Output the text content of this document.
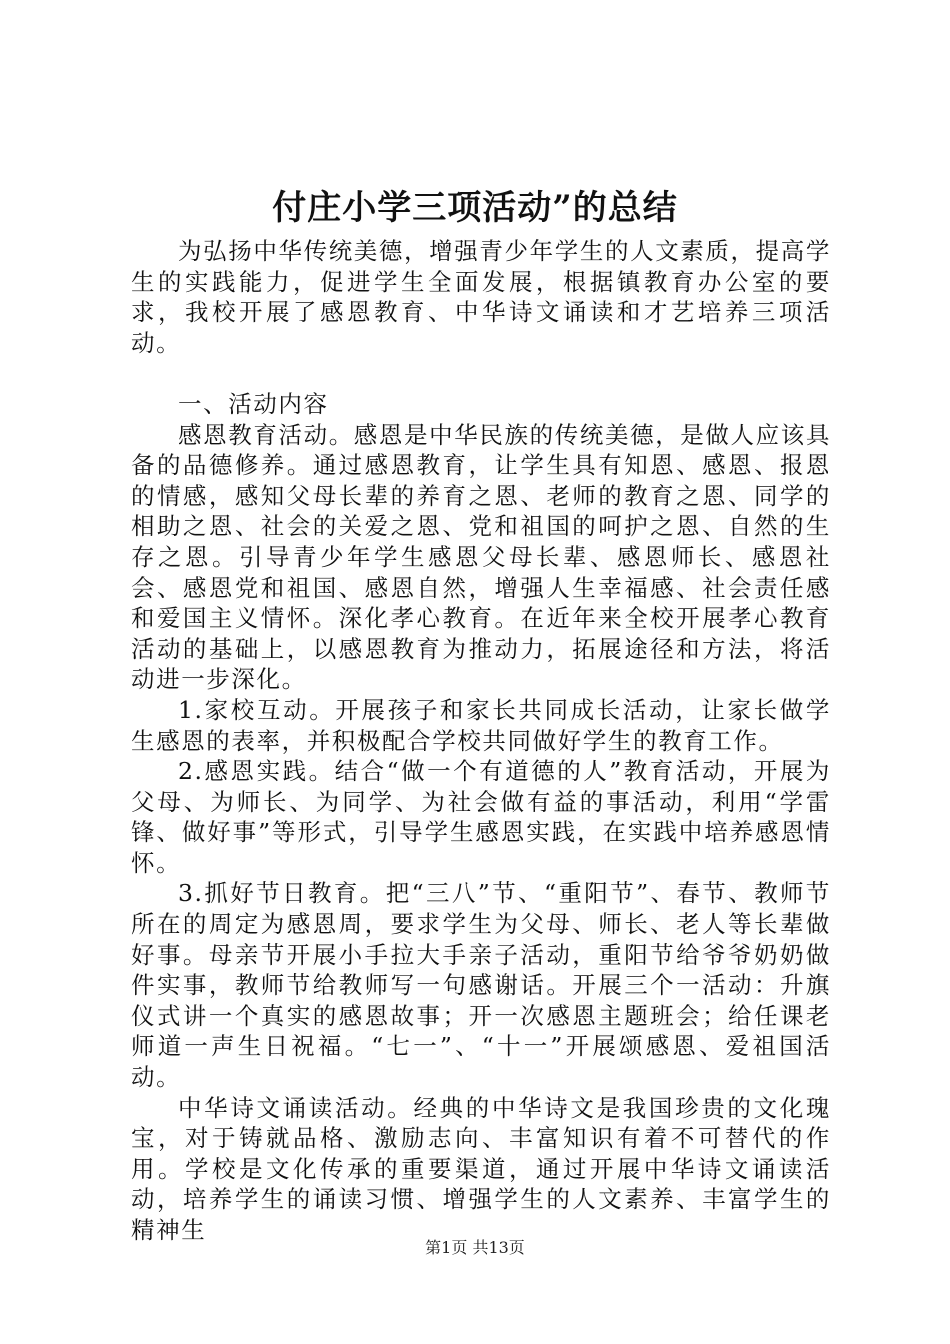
付庄小学三项活动”的总结

为弘扬中华传统美德，增强青少年学生的人文素质，提高学生的实践能力，促进学生全面发展，根据镇教育办公室的要求，我校开展了感恩教育、中华诗文诵读和才艺培养三项活动。

一、活动内容

感恩教育活动。感恩是中华民族的传统美德，是做人应该具备的品德修养。通过感恩教育，让学生具有知恩、感恩、报恩的情感，感知父母长辈的养育之恩、老师的教育之恩、同学的相助之恩、社会的关爱之恩、党和祖国的呵护之恩、自然的生存之恩。引导青少年学生感恩父母长辈、感恩师长、感恩社会、感恩党和祖国、感恩自然，增强人生幸福感、社会责任感和爱国主义情怀。深化孝心教育。在近年来全校开展孝心教育活动的基础上，以感恩教育为推动力，拓展途径和方法，将活动进一步深化。

1.家校互动。开展孩子和家长共同成长活动，让家长做学生感恩的表率，并积极配合学校共同做好学生的教育工作。

2.感恩实践。结合“做一个有道德的人”教育活动，开展为父母、为师长、为同学、为社会做有益的事活动，利用“学雷锋、做好事”等形式，引导学生感恩实践，在实践中培养感恩情怀。

3.抓好节日教育。把“三八”节、“重阳节”、春节、教师节所在的周定为感恩周，要求学生为父母、师长、老人等长辈做好事。母亲节开展小手拉大手亲子活动，重阳节给爷爷奶奶做件实事，教师节给教师写一句感谢话。开展三个一活动：升旗仪式讲一个真实的感恩故事；开一次感恩主题班会；给任课老师道一声生日祝福。“七一”、“十一”开展颂感恩、爱祖国活动。

中华诗文诵读活动。经典的中华诗文是我国珍贵的文化瑰宝，对于铸就品格、激励志向、丰富知识有着不可替代的作用。学校是文化传承的重要渠道，通过开展中华诗文诵读活动，培养学生的诵读习惯、增强学生的人文素养、丰富学生的精神生

第1页 共13页
